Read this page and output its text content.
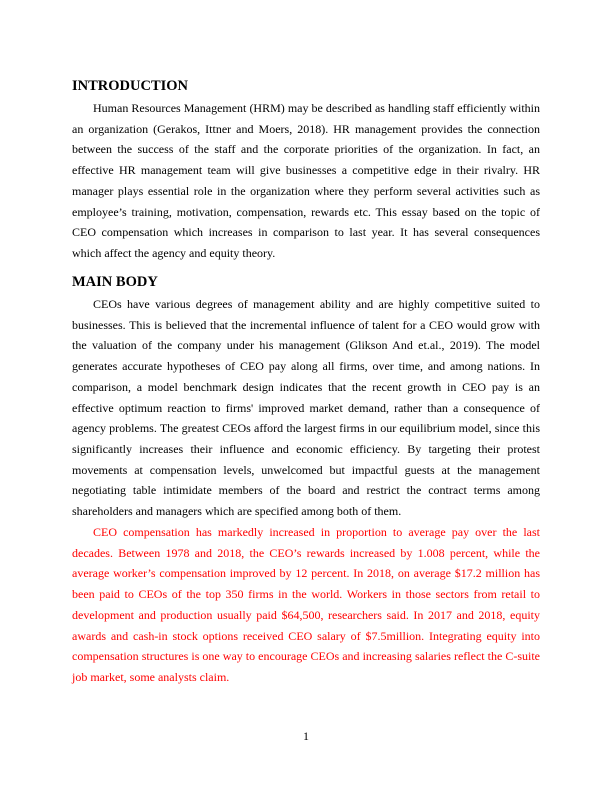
INTRODUCTION

Human Resources Management (HRM) may be described as handling staff efficiently within an organization (Gerakos, Ittner and Moers, 2018). HR management provides the connection between the success of the staff and the corporate priorities of the organization. In fact, an effective HR management team will give businesses a competitive edge in their rivalry. HR manager plays essential role in the organization where they perform several activities such as employee’s training, motivation, compensation, rewards etc. This essay based on the topic of CEO compensation which increases in comparison to last year. It has several consequences which affect the agency and equity theory.

MAIN BODY

CEOs have various degrees of management ability and are highly competitive suited to businesses. This is believed that the incremental influence of talent for a CEO would grow with the valuation of the company under his management (Glikson And et.al., 2019). The model generates accurate hypotheses of CEO pay along all firms, over time, and among nations. In comparison, a model benchmark design indicates that the recent growth in CEO pay is an effective optimum reaction to firms' improved market demand, rather than a consequence of agency problems. The greatest CEOs afford the largest firms in our equilibrium model, since this significantly increases their influence and economic efficiency. By targeting their protest movements at compensation levels, unwelcomed but impactful guests at the management negotiating table intimidate members of the board and restrict the contract terms among shareholders and managers which are specified among both of them.

CEO compensation has markedly increased in proportion to average pay over the last decades. Between 1978 and 2018, the CEO’s rewards increased by 1.008 percent, while the average worker’s compensation improved by 12 percent. In 2018, on average $17.2 million has been paid to CEOs of the top 350 firms in the world. Workers in those sectors from retail to development and production usually paid $64,500, researchers said. In 2017 and 2018, equity awards and cash-in stock options received CEO salary of $7.5million. Integrating equity into compensation structures is one way to encourage CEOs and increasing salaries reflect the C-suite job market, some analysts claim.

1
